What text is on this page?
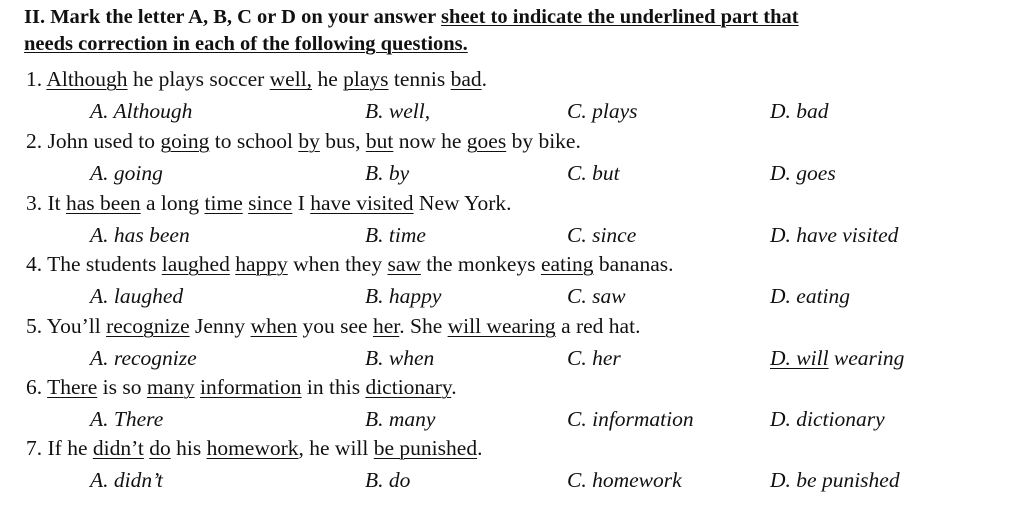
II. Mark the letter A, B, C or D on your answer sheet to indicate the underlined part that
needs correction in each of the following questions.
1. Although he plays soccer well, he plays tennis bad.
A. Although	B. well,	C. plays	D. bad
2. John used to going to school by bus, but now he goes by bike.
A. going	B. by	C. but	D. goes
3. It has been a long time since I have visited New York.
A. has been	B. time	C. since	D. have visited
4. The students laughed happy when they saw the monkeys eating bananas.
A. laughed	B. happy	C. saw	D. eating
5. You’ll recognize Jenny when you see her. She will wearing a red hat.
A. recognize	B. when	C. her	D. will wearing
6. There is so many information in this dictionary.
A. There	B. many	C. information	D. dictionary
7. If he didn’t do his homework, he will be punished.
A. didn’t	B. do	C. homework	D. be punished
